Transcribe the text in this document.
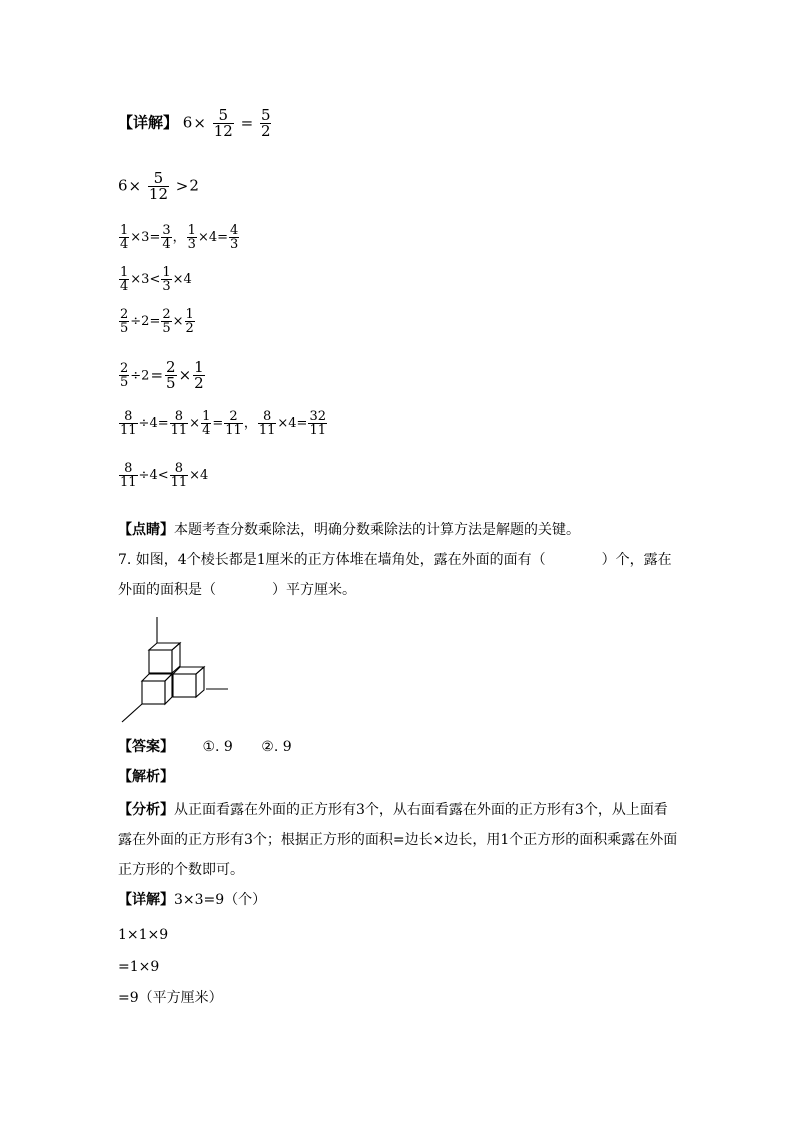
【详解】 $6\times \frac{5}{12} = \frac{5}{2}$
$6\times \frac{5}{12} >2$
$\frac{1}{4} \times 3= \frac{3}{4}$ ， $\frac{1}{3} \times 4= \frac{4}{3}$
$\frac{1}{4} \times 3< \frac{1}{3} \times 4$
$\frac{2}{5} \div 2= \frac{2}{5} \times \frac{1}{2}$
$\frac{2}{5} \div 2= \frac{2}{5} \times \frac{1}{2}$
$\frac{8}{11} \div 4= \frac{8}{11} \times \frac{1}{4} = \frac{2}{11}$ ， $\frac{8}{11} \times 4= \frac{32}{11}$
$\frac{8}{11} \div 4< \frac{8}{11} \times 4$
【点睛】本题考查分数乘除法，明确分数乘除法的计算方法是解题的关键。
7. 如图，4个棱长都是1厘米的正方体堆在墙角处，露在外面的面有（　　　　）个，露在
外面的面积是（　　　　）平方厘米。
【答案】 ①. 9 ②. 9
【解析】
【分析】从正面看露在外面的正方形有3个，从右面看露在外面的正方形有3个，从上面看露在外面的正方形有3个；根据正方形的面积=边长×边长，用1个正方形的面积乘露在外面正方形的个数即可。
【详解】3×3=9（个）
1×1×9
=1×9
=9（平方厘米）
